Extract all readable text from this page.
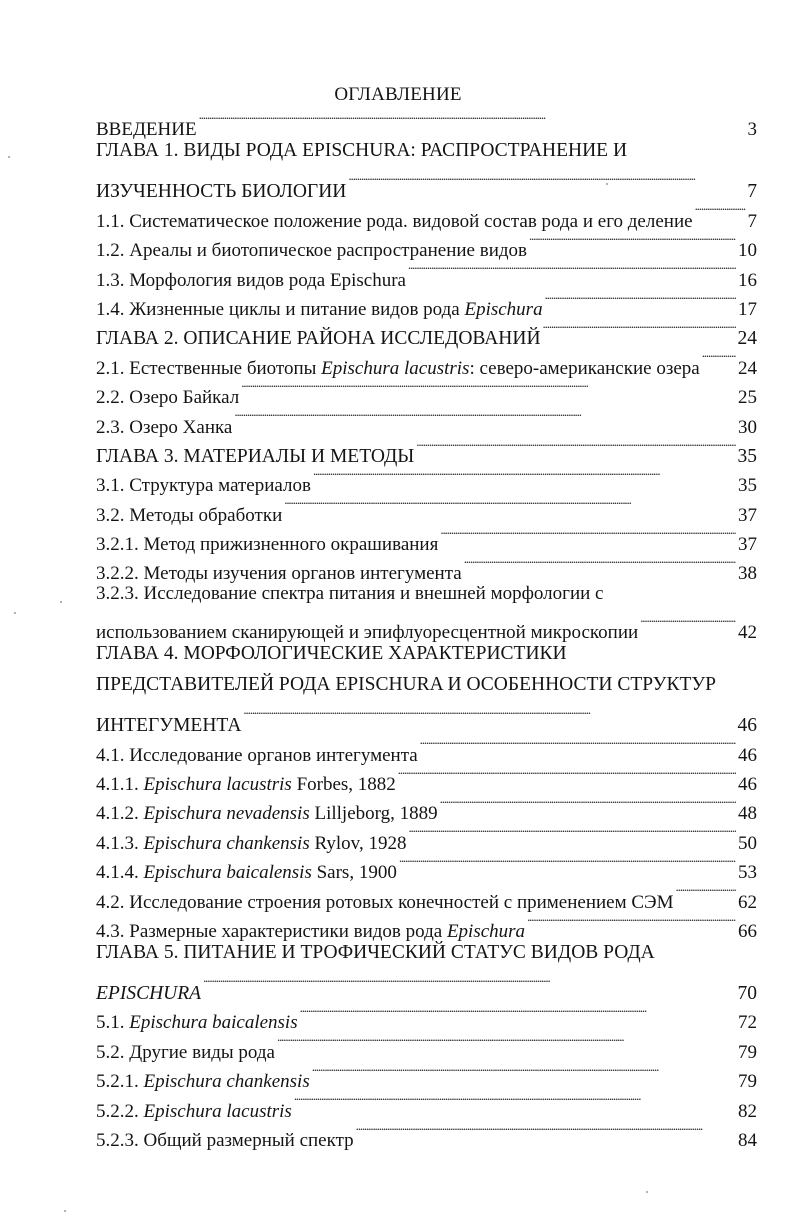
ОГЛАВЛЕНИЕ
ВВЕДЕНИЕ . . .	3
ГЛАВА 1. ВИДЫ РОДА EPISCHURA: РАСПРОСТРАНЕНИЕ И
ИЗУЧЕННОСТЬ БИОЛОГИИ . . .	7
1.1. Систематическое положение рода. видовой состав рода и его деление . . .	7
1.2. Ареалы и биотопическое распространение видов . . .	10
1.3. Морфология видов рода Epischura . . .	16
1.4. Жизненные циклы и питание видов рода Epischura . . .	17
ГЛАВА 2. ОПИСАНИЕ РАЙОНА ИССЛЕДОВАНИЙ . . .	24
2.1. Естественные биотопы Epischura lacustris: северо-американские озера . . . 24
2.2. Озеро Байкал . . .	25
2.3. Озеро Ханка . . .	30
ГЛАВА 3. МАТЕРИАЛЫ И МЕТОДЫ . . .	35
3.1. Структура материалов . . .	35
3.2. Методы обработки . . .	37
3.2.1. Метод прижизненного окрашивания . . .	37
3.2.2. Методы изучения органов интегумента . . .	38
3.2.3. Исследование спектра питания и внешней морфологии с
использованием сканирующей и эпифлуоресцентной микроскопии . . .	42
ГЛАВА 4. МОРФОЛОГИЧЕСКИЕ ХАРАКТЕРИСТИКИ
ПРЕДСТАВИТЕЛЕЙ РОДА EPISCHURA И ОСОБЕННОСТИ СТРУКТУР
ИНТЕГУМЕНТА . . .	46
4.1. Исследование органов интегумента . . .	46
4.1.1. Epischura lacustris Forbes, 1882 . . .	46
4.1.2. Epischura nevadensis Lilljeborg, 1889 . . .	48
4.1.3. Epischura chankensis Rylov, 1928 . . .	50
4.1.4. Epischura baicalensis Sars, 1900 . . .	53
4.2. Исследование строения ротовых конечностей с применением СЭМ . . .	62
4.3. Размерные характеристики видов рода Epischura . . .	66
ГЛАВА 5. ПИТАНИЕ И ТРОФИЧЕСКИЙ СТАТУС ВИДОВ РОДА
EPISCHURA . . .	70
5.1. Epischura baicalensis . . .	72
5.2. Другие виды рода . . .	79
5.2.1. Epischura chankensis . . .	79
5.2.2. Epischura lacustris . . .	82
5.2.3. Общий размерный спектр . . .	84
